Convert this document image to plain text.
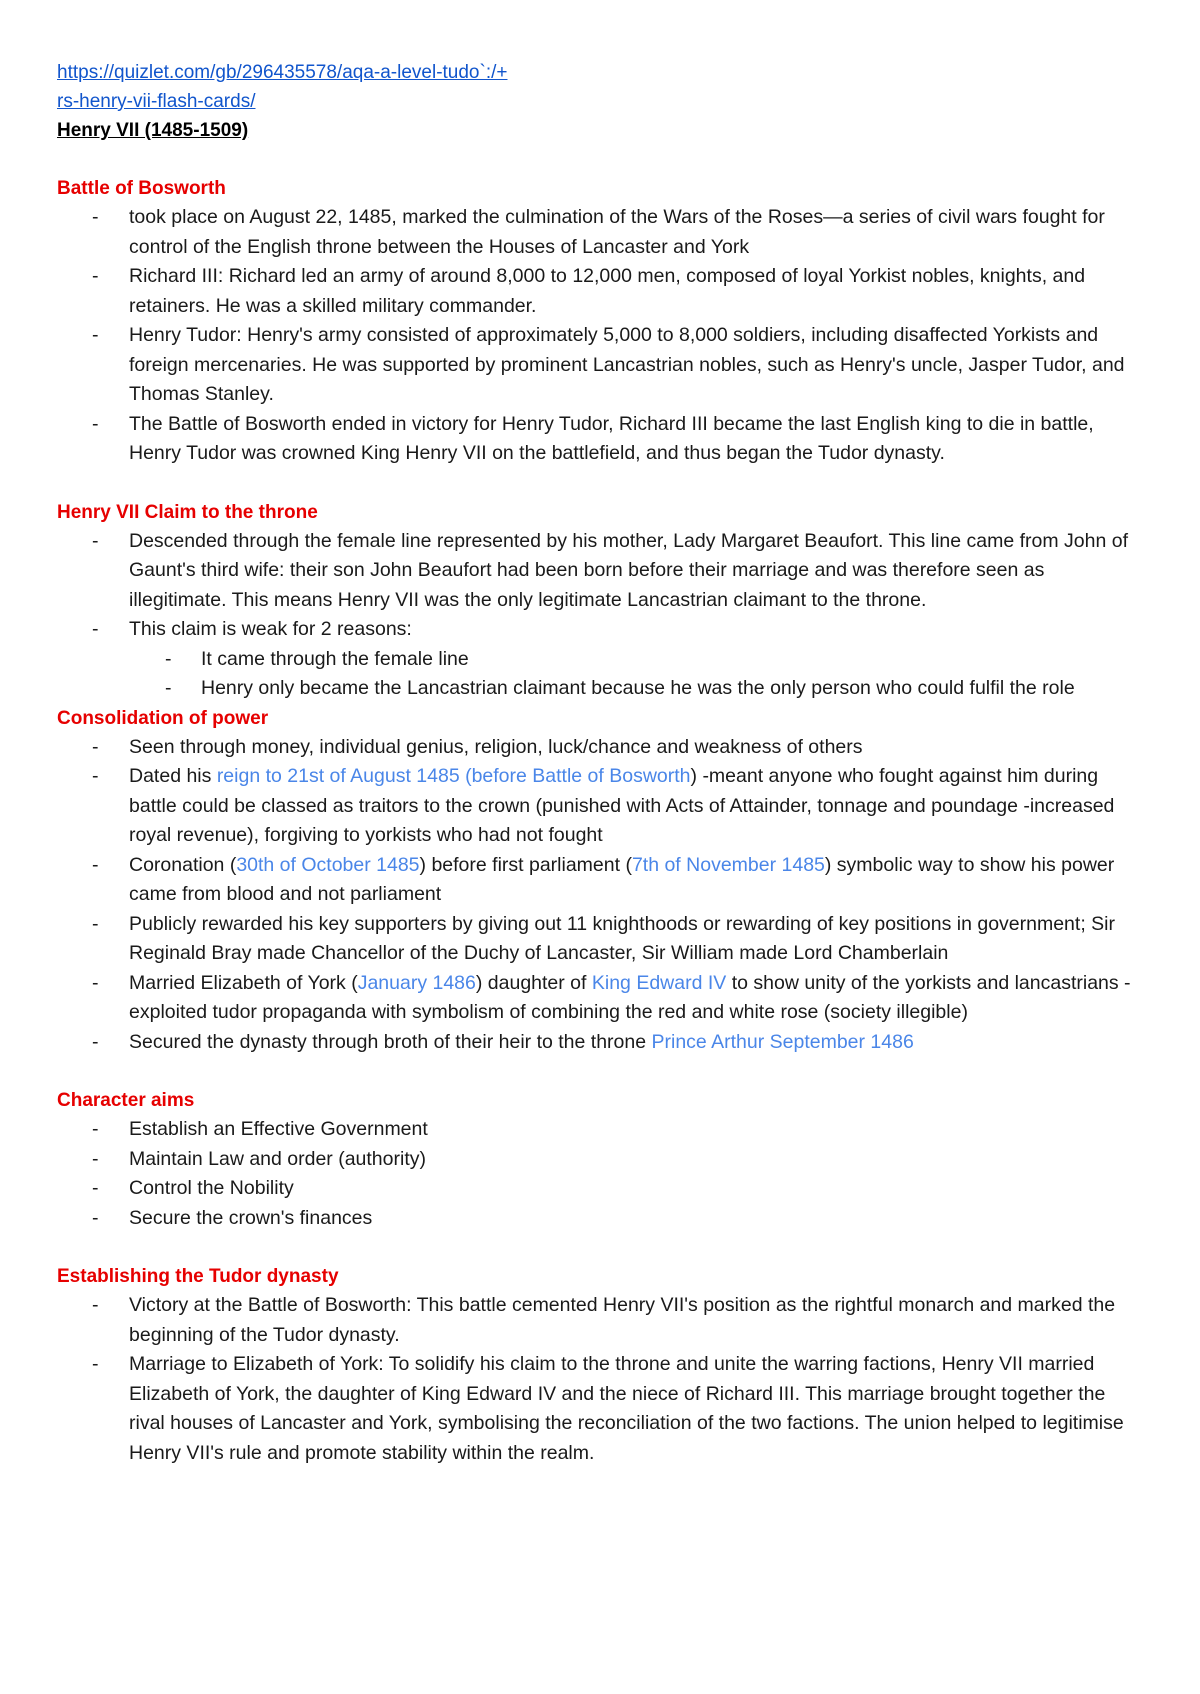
https://quizlet.com/gb/296435578/aqa-a-level-tudo`:/+
rs-henry-vii-flash-cards/
Henry VII (1485-1509)
Battle of Bosworth
- took place on August 22, 1485, marked the culmination of the Wars of the Roses—a series of civil wars fought for control of the English throne between the Houses of Lancaster and York
- Richard III: Richard led an army of around 8,000 to 12,000 men, composed of loyal Yorkist nobles, knights, and retainers. He was a skilled military commander.
- Henry Tudor: Henry's army consisted of approximately 5,000 to 8,000 soldiers, including disaffected Yorkists and foreign mercenaries. He was supported by prominent Lancastrian nobles, such as Henry's uncle, Jasper Tudor, and Thomas Stanley.
- The Battle of Bosworth ended in victory for Henry Tudor, Richard III became the last English king to die in battle, Henry Tudor was crowned King Henry VII on the battlefield, and thus began the Tudor dynasty.
Henry VII Claim to the throne
- Descended through the female line represented by his mother, Lady Margaret Beaufort. This line came from John of Gaunt's third wife: their son John Beaufort had been born before their marriage and was therefore seen as illegitimate. This means Henry VII was the only legitimate Lancastrian claimant to the throne.
- This claim is weak for 2 reasons:
- It came through the female line
- Henry only became the Lancastrian claimant because he was the only person who could fulfil the role
Consolidation of power
- Seen through money, individual genius, religion, luck/chance and weakness of others
- Dated his reign to 21st of August 1485 (before Battle of Bosworth) -meant anyone who fought against him during battle could be classed as traitors to the crown (punished with Acts of Attainder, tonnage and poundage -increased royal revenue), forgiving to yorkists who had not fought
- Coronation (30th of October 1485) before first parliament (7th of November 1485) symbolic way to show his power came from blood and not parliament
- Publicly rewarded his key supporters by giving out 11 knighthoods or rewarding of key positions in government; Sir Reginald Bray made Chancellor of the Duchy of Lancaster, Sir William made Lord Chamberlain
- Married Elizabeth of York (January 1486) daughter of King Edward IV to show unity of the yorkists and lancastrians -exploited tudor propaganda with symbolism of combining the red and white rose (society illegible)
- Secured the dynasty through broth of their heir to the throne Prince Arthur September 1486
Character aims
- Establish an Effective Government
- Maintain Law and order (authority)
- Control the Nobility
- Secure the crown's finances
Establishing the Tudor dynasty
- Victory at the Battle of Bosworth: This battle cemented Henry VII's position as the rightful monarch and marked the beginning of the Tudor dynasty.
- Marriage to Elizabeth of York: To solidify his claim to the throne and unite the warring factions, Henry VII married Elizabeth of York, the daughter of King Edward IV and the niece of Richard III. This marriage brought together the rival houses of Lancaster and York, symbolising the reconciliation of the two factions. The union helped to legitimise Henry VII's rule and promote stability within the realm.
